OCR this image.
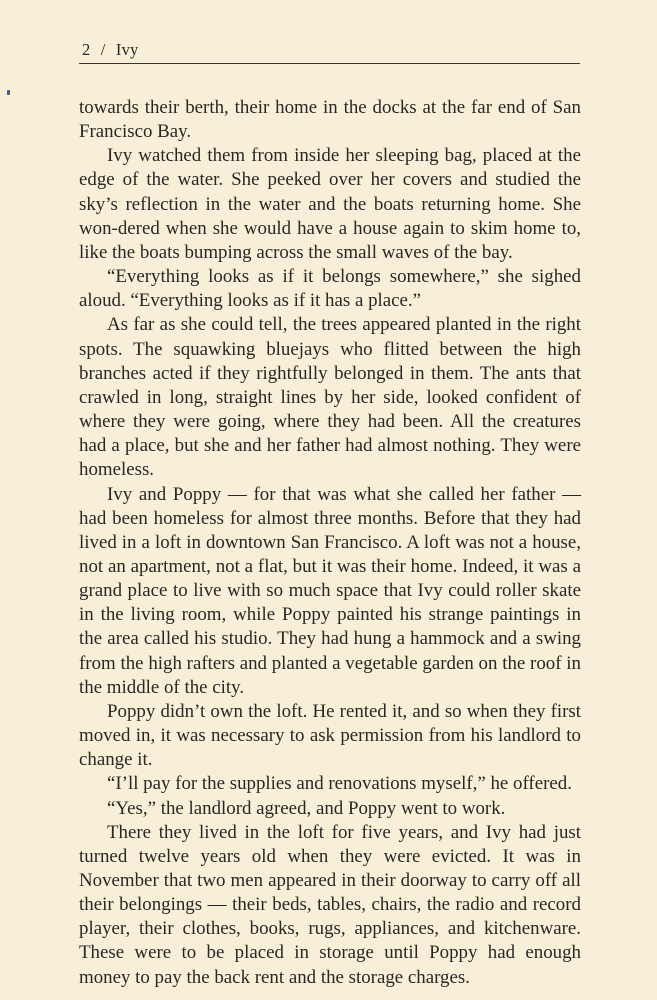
2 / Ivy

towards their berth, their home in the docks at the far end of San Francisco Bay.

Ivy watched them from inside her sleeping bag, placed at the edge of the water. She peeked over her covers and studied the sky’s reflection in the water and the boats returning home. She won-dered when she would have a house again to skim home to, like the boats bumping across the small waves of the bay.

“Everything looks as if it belongs somewhere,” she sighed aloud. “Everything looks as if it has a place.”

As far as she could tell, the trees appeared planted in the right spots. The squawking bluejays who flitted between the high branches acted if they rightfully belonged in them. The ants that crawled in long, straight lines by her side, looked confident of where they were going, where they had been. All the creatures had a place, but she and her father had almost nothing. They were homeless.

Ivy and Poppy — for that was what she called her father — had been homeless for almost three months. Before that they had lived in a loft in downtown San Francisco. A loft was not a house, not an apartment, not a flat, but it was their home. Indeed, it was a grand place to live with so much space that Ivy could roller skate in the living room, while Poppy painted his strange paintings in the area called his studio. They had hung a hammock and a swing from the high rafters and planted a vegetable garden on the roof in the middle of the city.

Poppy didn’t own the loft. He rented it, and so when they first moved in, it was necessary to ask permission from his landlord to change it.

“I’ll pay for the supplies and renovations myself,” he offered.

“Yes,” the landlord agreed, and Poppy went to work.

There they lived in the loft for five years, and Ivy had just turned twelve years old when they were evicted. It was in November that two men appeared in their doorway to carry off all their belongings — their beds, tables, chairs, the radio and record player, their clothes, books, rugs, appliances, and kitchenware. These were to be placed in storage until Poppy had enough money to pay the back rent and the storage charges.
